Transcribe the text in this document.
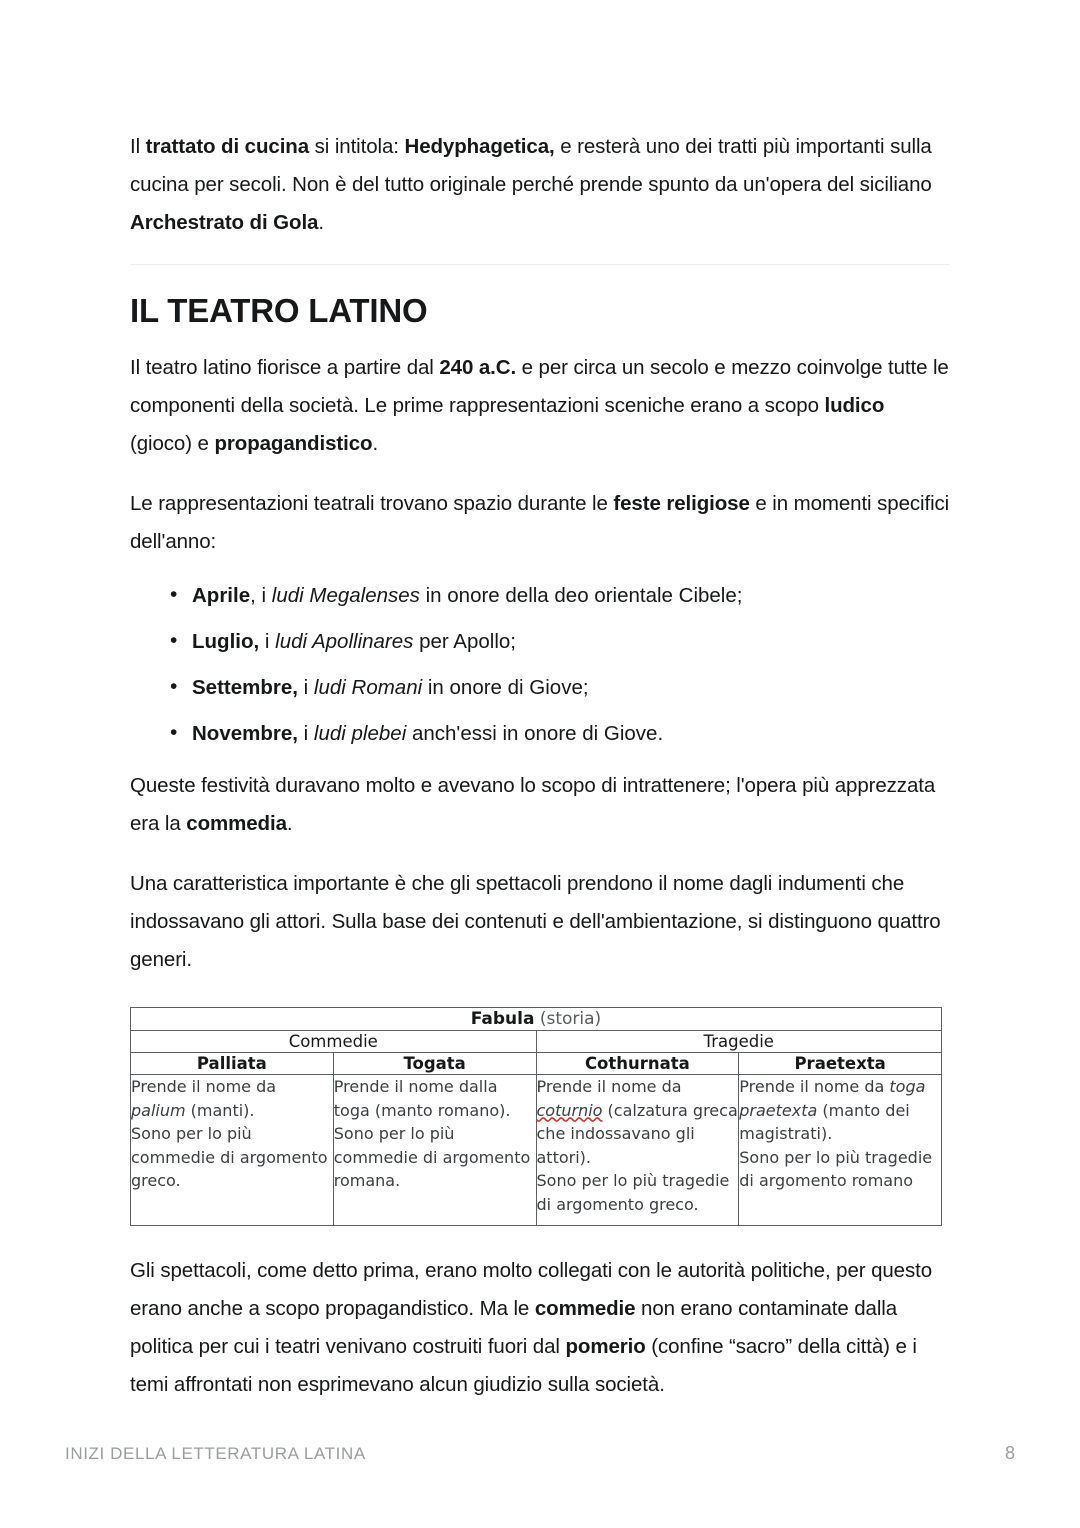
Il trattato di cucina si intitola: Hedyphagetica, e resterà uno dei tratti più importanti sulla cucina per secoli. Non è del tutto originale perché prende spunto da un'opera del siciliano Archestrato di Gola.

IL TEATRO LATINO

Il teatro latino fiorisce a partire dal 240 a.C. e per circa un secolo e mezzo coinvolge tutte le componenti della società. Le prime rappresentazioni sceniche erano a scopo ludico (gioco) e propagandistico.

Le rappresentazioni teatrali trovano spazio durante le feste religiose e in momenti specifici dell'anno:

• Aprile, i ludi Megalenses in onore della deo orientale Cibele;
• Luglio, i ludi Apollinares per Apollo;
• Settembre, i ludi Romani in onore di Giove;
• Novembre, i ludi plebei anch'essi in onore di Giove.

Queste festività duravano molto e avevano lo scopo di intrattenere; l'opera più apprezzata era la commedia.

Una caratteristica importante è che gli spettacoli prendono il nome dagli indumenti che indossavano gli attori. Sulla base dei contenuti e dell'ambientazione, si distinguono quattro generi.

Fabula (storia)			
Commedie		Tragedie	
Palliata	Togata	Cothurnata	Praetexta

Prende il nome da
palium (manti).
Sono per lo più
commedie di argomento
greco.

Prende il nome dalla
toga (manto romano).
Sono per lo più
commedie di argomento
romana.

Prende il nome da
coturnio (calzatura greca
che indossavano gli
attori).
Sono per lo più tragedie
di argomento greco.

Prende il nome da toga
praetexta (manto dei
magistrati).
Sono per lo più tragedie
di argomento romano

Gli spettacoli, come detto prima, erano molto collegati con le autorità politiche, per questo erano anche a scopo propagandistico. Ma le commedie non erano contaminate dalla politica per cui i teatri venivano costruiti fuori dal pomerio (confine “sacro” della città) e i temi affrontati non esprimevano alcun giudizio sulla società.

INIZI DELLA LETTERATURA LATINA	8
